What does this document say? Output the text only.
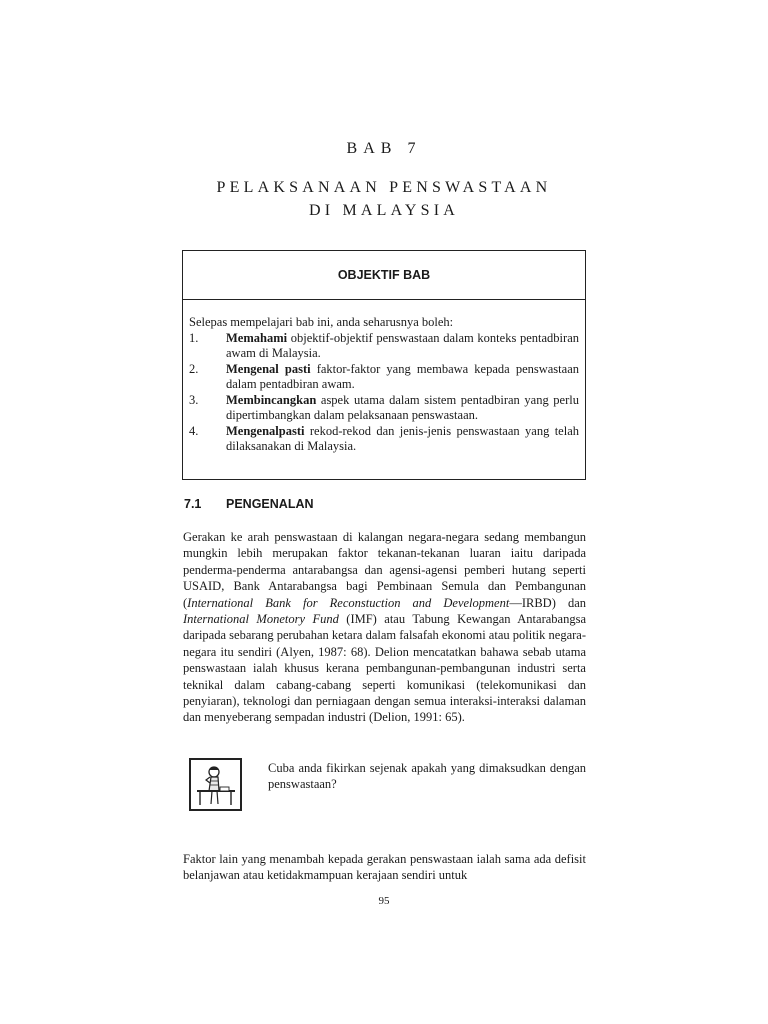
BAB 7
PELAKSANAAN PENSWASTAAN
DI MALAYSIA
OBJEKTIF BAB
Selepas mempelajari bab ini, anda seharusnya boleh:
1.	Memahami objektif-objektif penswastaan dalam konteks pentadbiran awam di Malaysia.
2.	Mengenal pasti faktor-faktor yang membawa kepada penswastaan dalam pentadbiran awam.
3.	Membincangkan aspek utama dalam sistem pentadbiran yang perlu dipertimbangkan dalam pelaksanaan penswastaan.
4.	Mengenalpasti rekod-rekod dan jenis-jenis penswastaan yang telah dilaksanakan di Malaysia.
7.1 PENGENALAN
Gerakan ke arah penswastaan di kalangan negara-negara sedang membangun mungkin lebih merupakan faktor tekanan-tekanan luaran iaitu daripada penderma-penderma antarabangsa dan agensi-agensi pemberi hutang seperti USAID, Bank Antarabangsa bagi Pembinaan Semula dan Pembangunan (International Bank for Reconstuction and Development—IRBD) dan International Monetory Fund (IMF) atau Tabung Kewangan Antarabangsa daripada sebarang perubahan ketara dalam falsafah ekonomi atau politik negara-negara itu sendiri (Alyen, 1987: 68). Delion mencatatkan bahawa sebab utama penswastaan ialah khusus kerana pembangunan-pembangunan industri serta teknikal dalam cabang-cabang seperti komunikasi (telekomunikasi dan penyiaran), teknologi dan perniagaan dengan semua interaksi-interaksi dalaman dan menyeberang sempadan industri (Delion, 1991: 65).
Cuba anda fikirkan sejenak apakah yang dimaksudkan dengan penswastaan?
Faktor lain yang menambah kepada gerakan penswastaan ialah sama ada defisit belanjawan atau ketidakmampuan kerajaan sendiri untuk
95
